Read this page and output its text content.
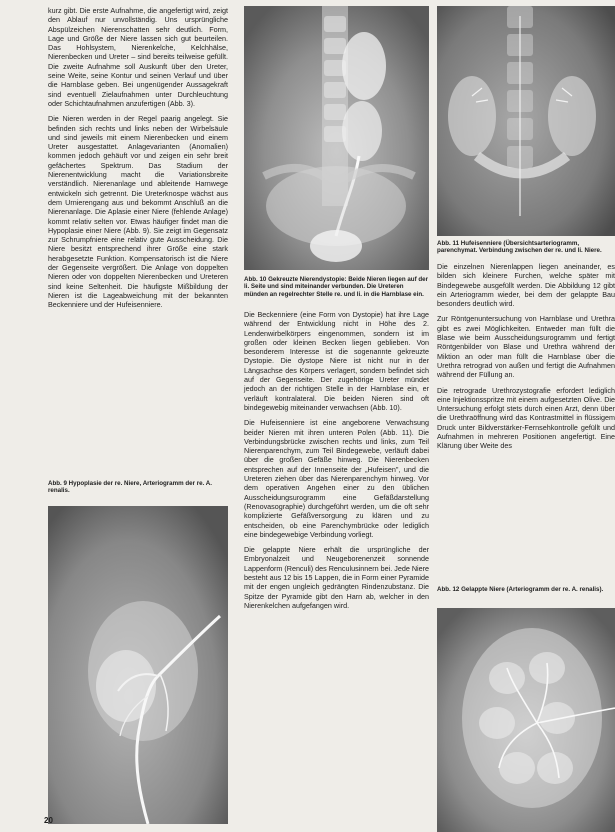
Abb. 10 Gekreuzte Nierendystopie: Beide Nieren liegen auf der li. Seite und sind miteinander verbunden. Die Ureteren münden an regelrechter Stelle re. und li. in die Harnblase ein.
Abb. 11 Hufeisenniere (Übersichtsarteriogramm, parenchymat. Verbindung zwischen der re. und li. Niere.

kurz gibt. Die erste Aufnahme, die angefertigt wird, zeigt den Ablauf nur unvollständig. Uns ursprüngliche Abspülzeichen Nierenschatten sehr deutlich. Form, Lage und Größe der Niere lassen sich gut beurteilen. Das Hohlsystem, Nierenkelche, Kelchhälse, Nierenbecken und Ureter – sind bereits teilweise gefüllt. Die zweite Aufnahme soll Auskunft über den Ureter, seine Weite, seine Kontur und seinen Verlauf und über die Harnblase geben. Bei ungenügender Aussagekraft sind eventuell Zielaufnahmen unter Durchleuchtung oder Schichtaufnahmen anzufertigen (Abb. 3).

Die Nieren werden in der Regel paarig angelegt. Sie befinden sich rechts und links neben der Wirbelsäule und sind jeweils mit einem Nierenbecken und einem Ureter ausgestattet. Anlagevarianten (Anomalien) kommen jedoch gehäuft vor und zeigen ein sehr breit gefächertes Spektrum. Das Stadium der Nierenentwicklung macht die Variationsbreite verständlich. Nierenanlage und ableitende Harnwege entwickeln sich getrennt. Die Ureterknospe wächst aus dem Urnierengang aus und bekommt Anschluß an die Nierenanlage. Die Aplasie einer Niere (fehlende Anlage) kommt relativ selten vor. Etwas häufiger findet man die Hypoplasie einer Niere (Abb. 9). Sie zeigt im Gegensatz zur Schrumpfniere eine relativ gute Ausscheidung. Die Niere besitzt entsprechend ihrer Größe eine stark herabgesetzte Funktion. Kompensatorisch ist die Niere der Gegenseite vergrößert. Die Anlage von doppelten Nieren oder von doppelten Nierenbecken und Ureteren sind keine Seltenheit. Die häufigste Mißbildung der Nieren ist die Lageabweichung mit der bekannten Beckenniere und der Hufeisenniere.

Abb. 9 Hypoplasie der re. Niere, Arteriogramm der re. A. renalis.

Die Beckenniere (eine Form von Dystopie) hat ihre Lage während der Entwicklung nicht in Höhe des 2. Lendenwirbelkörpers eingenommen, sondern ist im großen oder kleinen Becken liegen geblieben. Von besonderem Interesse ist die sogenannte gekreuzte Dystopie. Die dystope Niere ist nicht nur in der Längsachse des Körpers verlagert, sondern befindet sich auf der Gegenseite. Der zugehörige Ureter mündet jedoch an der richtigen Stelle in der Harnblase ein, er verläuft kontralateral. Die beiden Nieren sind oft bindegewebig miteinander verwachsen (Abb. 10).

Die Hufeisenniere ist eine angeborene Verwachsung beider Nieren mit ihren unteren Polen (Abb. 11). Die Verbindungsbrücke zwischen rechts und links, zum Teil Nierenparenchym, zum Teil Bindegewebe, verläuft dabei über die großen Gefäße hinweg. Die Nierenbecken entsprechen auf der Innenseite der „Hufeisen", und die Ureteren ziehen über das Nierenparenchym hinweg. Vor dem operativen Angehen einer zu den üblichen Ausscheidungsurogramm eine Gefäßdarstellung (Renovasographie) durchgeführt werden, um die oft sehr komplizierte Gefäßversorgung zu klären und zu entscheiden, ob eine Parenchymbrücke oder lediglich eine bindegewebige Verbindung vorliegt.

Die gelappte Niere erhält die ursprüngliche der Embryonalzeit und Neugeborenenzeit sonnende Lappenform (Renculi) des Renculusinnern bei. Jede Niere besteht aus 12 bis 15 Lappen, die in Form einer Pyramide mit der engen ungleich gedrängten Rindenzubstanz. Die Spitze der Pyramide gibt den Harn ab, welcher in den Nierenkelchen aufgefangen wird.

Die einzelnen Nierenlappen liegen aneinander, es bilden sich kleinere Furchen, welche später mit Bindegewebe ausgefüllt werden. Die Abbildung 12 gibt ein Arteriogramm wieder, bei dem der gelappte Bau besonders deutlich wird.

Zur Röntgenuntersuchung von Harnblase und Urethra gibt es zwei Möglichkeiten. Entweder man füllt die Blase wie beim Ausscheidungsurogramm und fertigt Röntgenbilder von Blase und Urethra während der Miktion an oder man füllt die Harnblase über die Urethra retrograd von außen und fertigt die Aufnahmen während der Füllung an.

Die retrograde Urethrozystografie erfordert lediglich eine Injektionsspritze mit einem aufgesetzten Olive. Die Untersuchung erfolgt stets durch einen Arzt, denn über die Urethraöffnung wird das Kontrastmittel in flüssigem Druck unter Bildverstärker-Fernsehkontrolle gefüllt und Aufnahmen in mehreren Positionen angefertigt. Eine Klärung über Weite des

Abb. 12 Gelappte Niere (Arteriogramm der re. A. renalis).
20
